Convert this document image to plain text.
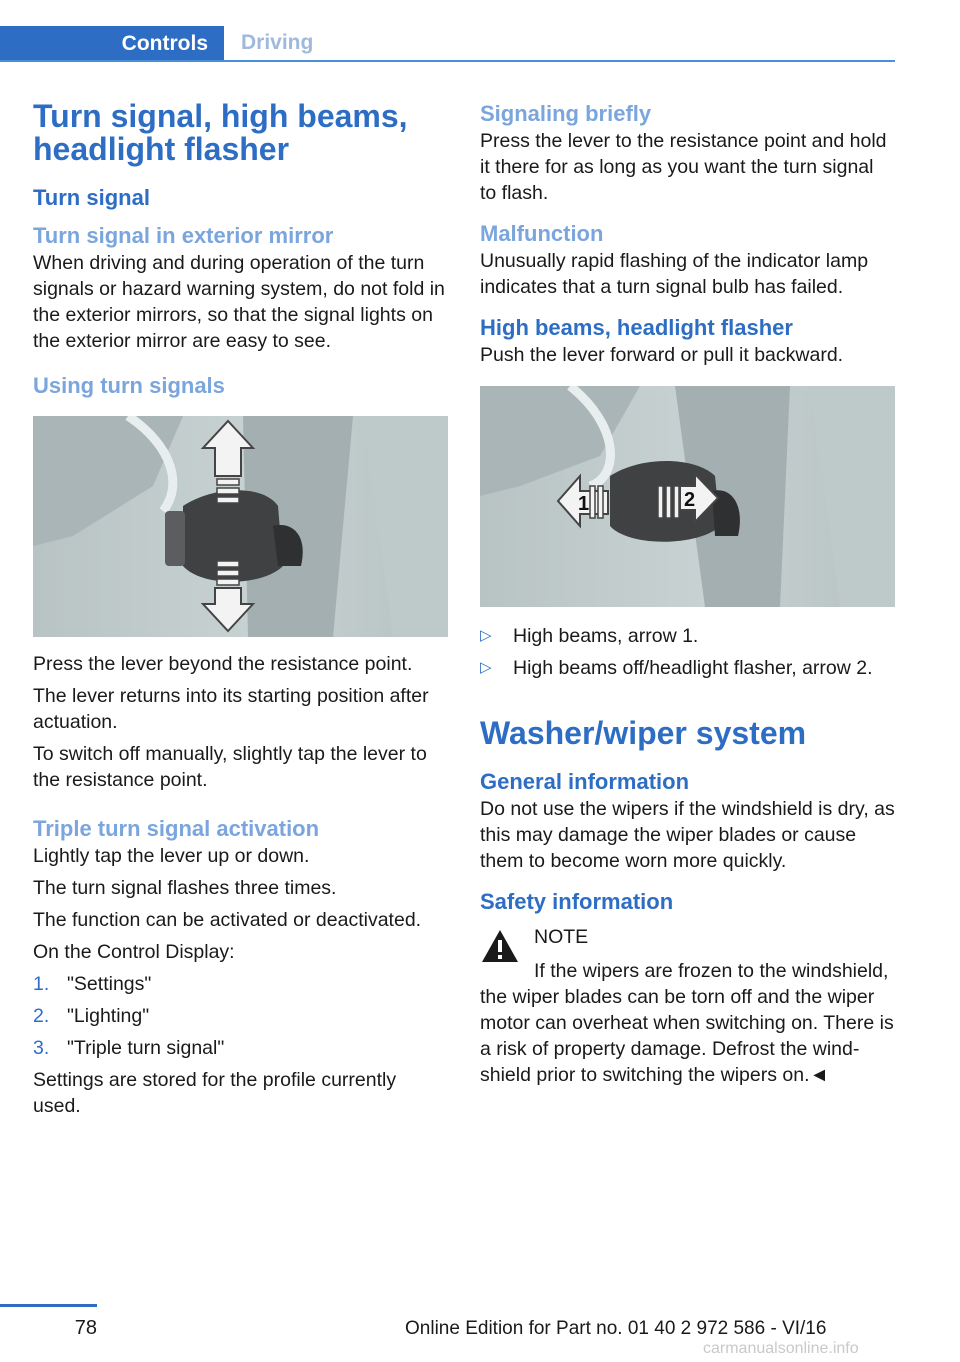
Controls	Driving
Turn signal, high beams, headlight flasher
Turn signal
Turn signal in exterior mirror

When driving and during operation of the turn signals or hazard warning system, do not fold in the exterior mirrors, so that the signal lights on the exterior mirror are easy to see.

Using turn signals

Press the lever beyond the resistance point.

The lever returns into its starting position after actuation.

To switch off manually, slightly tap the lever to the resistance point.

Triple turn signal activation

Lightly tap the lever up or down.

The turn signal flashes three times.

The function can be activated or deactivated.

On the Control Display:

1. "Settings"
2. "Lighting"
3. "Triple turn signal"

Settings are stored for the profile currently used.

Signaling briefly

Press the lever to the resistance point and hold it there for as long as you want the turn signal to flash.

Malfunction

Unusually rapid flashing of the indicator lamp indicates that a turn signal bulb has failed.

High beams, headlight flasher

Push the lever forward or pull it backward.

1	2
▷	High beams, arrow 1.
▷	High beams off/headlight flasher, arrow 2.
Washer/wiper system
General information

Do not use the wipers if the windshield is dry, as this may damage the wiper blades or cause them to become worn more quickly.

Safety information
NOTE

If the wipers are frozen to the windshield, the wiper blades can be torn off and the wiper motor can overheat when switching on. There is a risk of property damage. Defrost the wind‐shield prior to switching the wipers on.◄

78	Online Edition for Part no. 01 40 2 972 586 - VI/16
carmanualsonline.info
